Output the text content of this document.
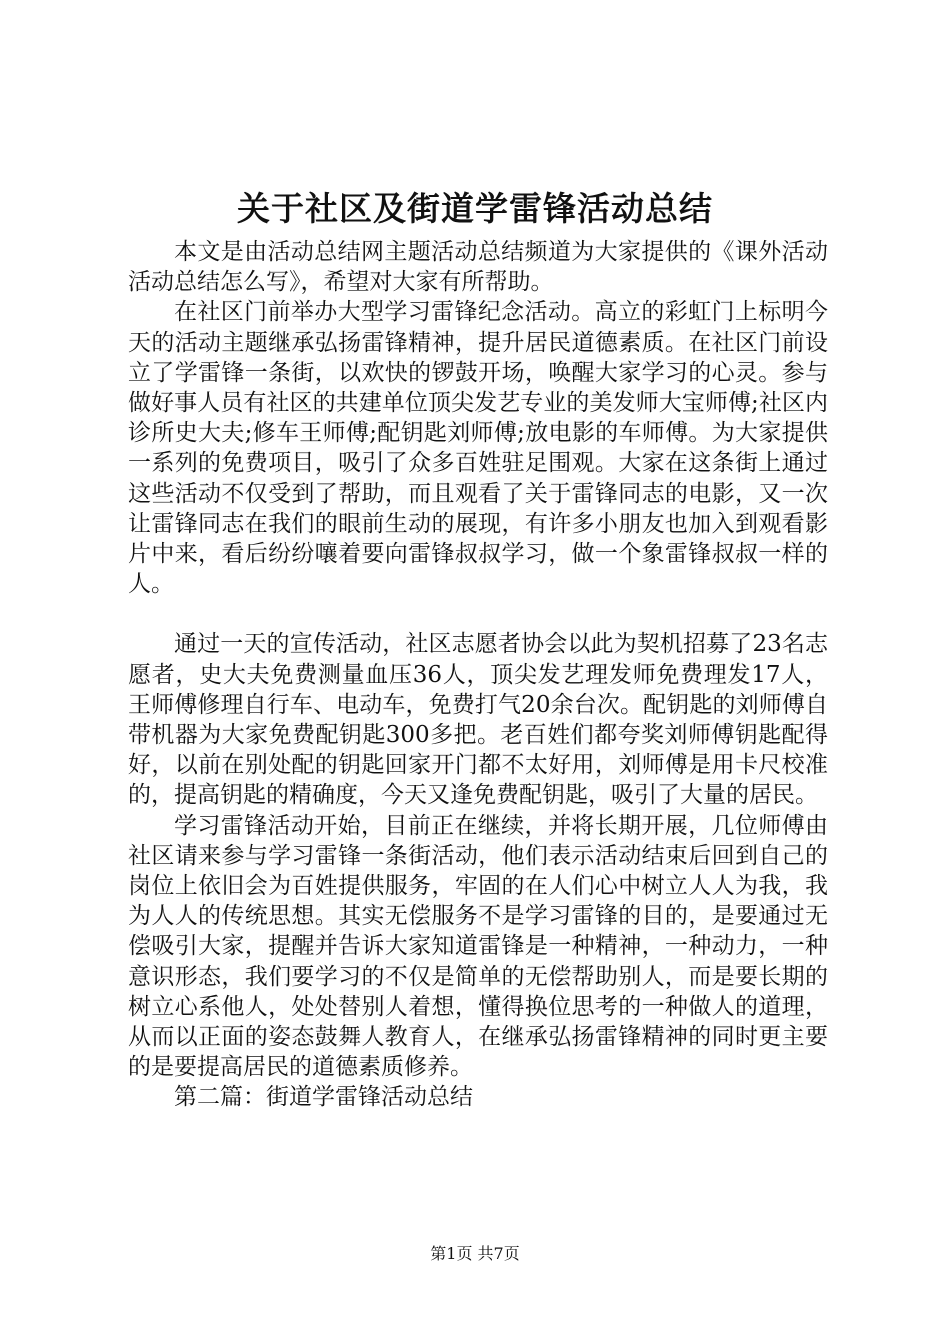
关于社区及街道学雷锋活动总结

本文是由活动总结网主题活动总结频道为大家提供的《课外活动活动总结怎么写》，希望对大家有所帮助。

在社区门前举办大型学习雷锋纪念活动。高立的彩虹门上标明今天的活动主题继承弘扬雷锋精神，提升居民道德素质。在社区门前设立了学雷锋一条街，以欢快的锣鼓开场，唤醒大家学习的心灵。参与做好事人员有社区的共建单位顶尖发艺专业的美发师大宝师傅;社区内诊所史大夫;修车王师傅;配钥匙刘师傅;放电影的车师傅。为大家提供一系列的免费项目，吸引了众多百姓驻足围观。大家在这条街上通过这些活动不仅受到了帮助，而且观看了关于雷锋同志的电影，又一次让雷锋同志在我们的眼前生动的展现，有许多小朋友也加入到观看影片中来，看后纷纷嚷着要向雷锋叔叔学习，做一个象雷锋叔叔一样的人。

通过一天的宣传活动，社区志愿者协会以此为契机招募了23名志愿者，史大夫免费测量血压36人，顶尖发艺理发师免费理发17人，王师傅修理自行车、电动车，免费打气20余台次。配钥匙的刘师傅自带机器为大家免费配钥匙300多把。老百姓们都夸奖刘师傅钥匙配得好，以前在别处配的钥匙回家开门都不太好用，刘师傅是用卡尺校准的，提高钥匙的精确度，今天又逢免费配钥匙，吸引了大量的居民。

学习雷锋活动开始，目前正在继续，并将长期开展，几位师傅由社区请来参与学习雷锋一条街活动，他们表示活动结束后回到自己的岗位上依旧会为百姓提供服务，牢固的在人们心中树立人人为我，我为人人的传统思想。其实无偿服务不是学习雷锋的目的，是要通过无偿吸引大家，提醒并告诉大家知道雷锋是一种精神，一种动力，一种意识形态，我们要学习的不仅是简单的无偿帮助别人，而是要长期的树立心系他人，处处替别人着想，懂得换位思考的一种做人的道理，从而以正面的姿态鼓舞人教育人，在继承弘扬雷锋精神的同时更主要的是要提高居民的道德素质修养。

第二篇：街道学雷锋活动总结

第1页 共7页
